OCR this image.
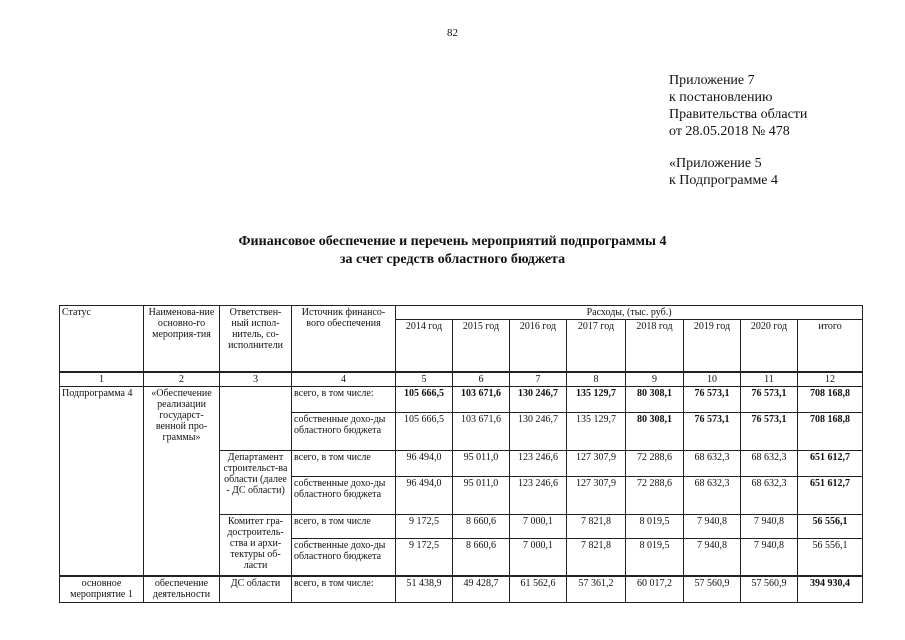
82
Приложение 7
к постановлению
Правительства области
от 28.05.2018 № 478
«Приложение 5
к Подпрограмме 4
Финансовое обеспечение и перечень мероприятий подпрограммы 4
за счет средств областного бюджета
Статус	Наименова-ние основно-го мероприя-тия	Ответствен-ный испол-нитель, со-исполнители	Источник финансо-вого обеспечения	Расходы, (тыс. руб.)							
				2014 год	2015 год	2016 год	2017 год	2018 год	2019 год	2020 год	итого
1	2	3	4	5	6	7	8	9	10	11	12
Подпрограмма 4	«Обеспечение реализации государст-венной про-граммы»		всего, в том числе:	105 666,5	103 671,6	130 246,7	135 129,7	80 308,1	76 573,1	76 573,1	708 168,8
			собственные дохо-ды областного бюджета	105 666,5	103 671,6	130 246,7	135 129,7	80 308,1	76 573,1	76 573,1	708 168,8
		Департамент строительст-ва области (далее - ДС области)	всего, в том числе	96 494,0	95 011,0	123 246,6	127 307,9	72 288,6	68 632,3	68 632,3	651 612,7
			собственные дохо-ды областного бюджета	96 494,0	95 011,0	123 246,6	127 307,9	72 288,6	68 632,3	68 632,3	651 612,7
		Комитет гра-достроитель-ства и архи-тектуры об-ласти	всего, в том числе	9 172,5	8 660,6	7 000,1	7 821,8	8 019,5	7 940,8	7 940,8	56 556,1
			собственные дохо-ды областного бюджета	9 172,5	8 660,6	7 000,1	7 821,8	8 019,5	7 940,8	7 940,8	56 556,1
основное мероприятие 1	обеспечение деятельности	ДС области	всего, в том числе:	51 438,9	49 428,7	61 562,6	57 361,2	60 017,2	57 560,9	57 560,9	394 930,4
